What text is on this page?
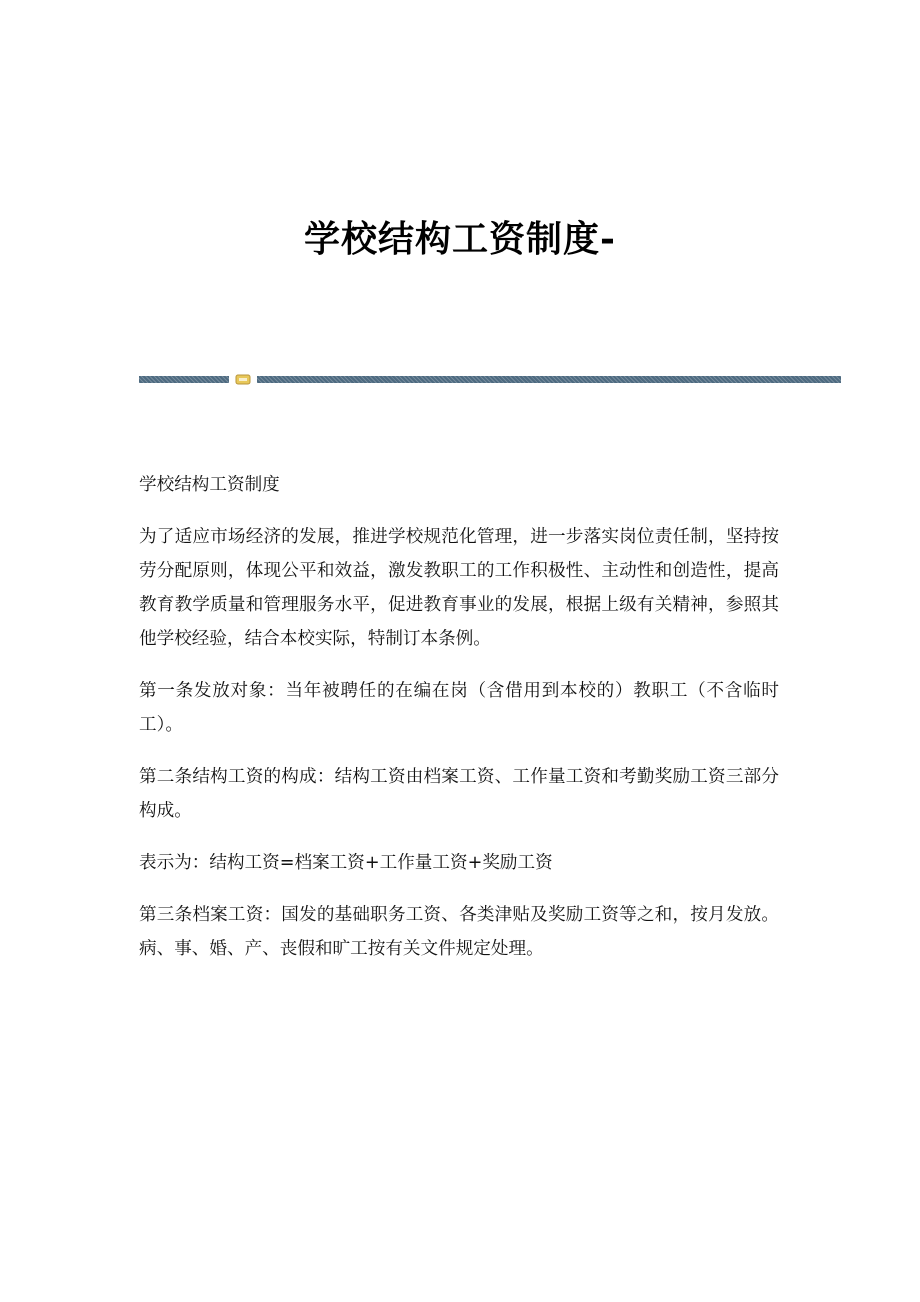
学校结构工资制度-

学校结构工资制度

为了适应市场经济的发展，推进学校规范化管理，进一步落实岗位责任制，坚持按劳分配原则，体现公平和效益，激发教职工的工作积极性、主动性和创造性，提高教育教学质量和管理服务水平，促进教育事业的发展，根据上级有关精神，参照其他学校经验，结合本校实际，特制订本条例。

第一条发放对象：当年被聘任的在编在岗（含借用到本校的）教职工（不含临时工）。

第二条结构工资的构成：结构工资由档案工资、工作量工资和考勤奖励工资三部分构成。

表示为：结构工资=档案工资+工作量工资+奖励工资

第三条档案工资：国发的基础职务工资、各类津贴及奖励工资等之和，按月发放。病、事、婚、产、丧假和旷工按有关文件规定处理。
